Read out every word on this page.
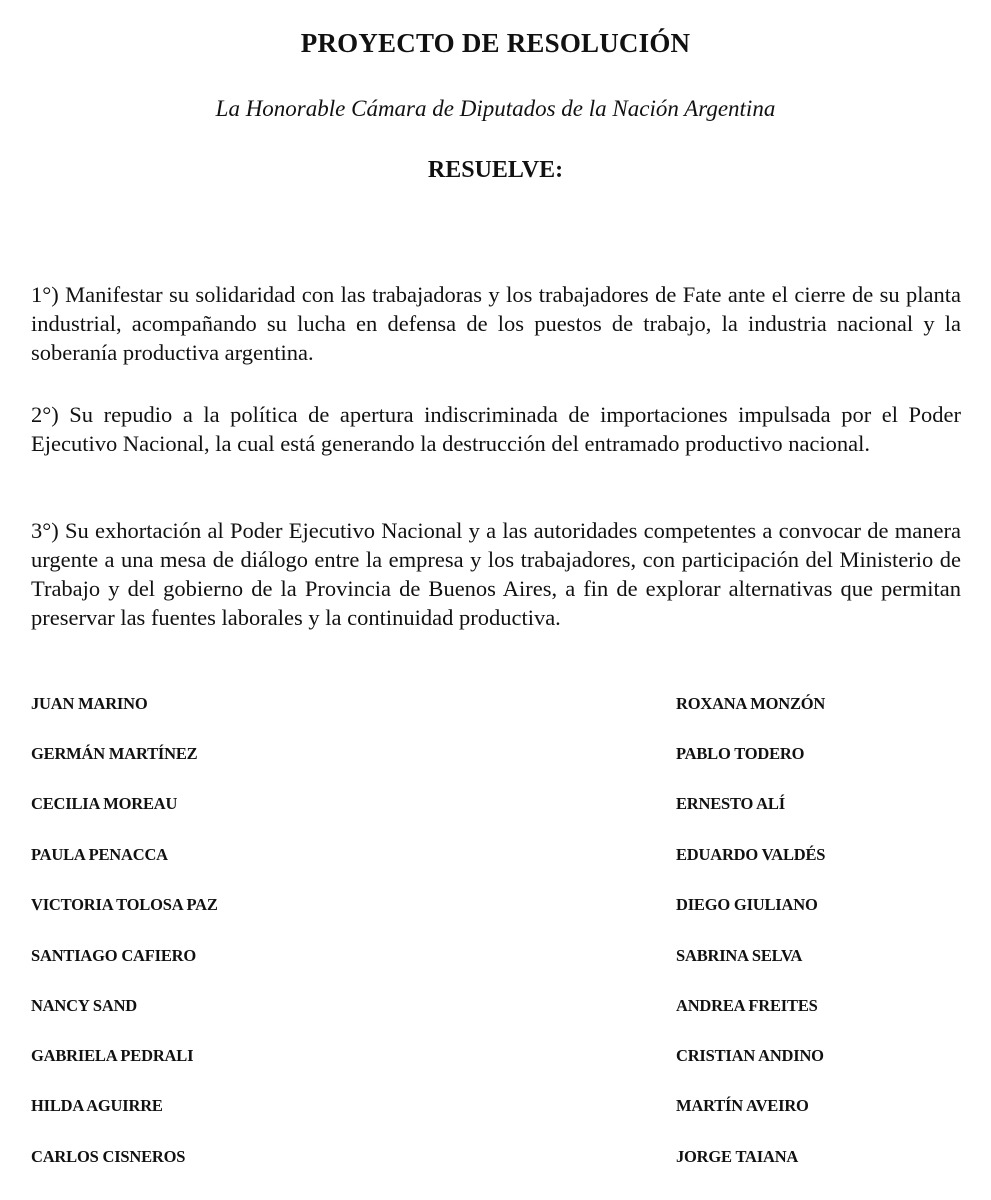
PROYECTO DE RESOLUCIÓN
La Honorable Cámara de Diputados de la Nación Argentina
RESUELVE:

1°) Manifestar su solidaridad con las trabajadoras y los trabajadores de Fate ante el cierre de su planta industrial, acompañando su lucha en defensa de los puestos de trabajo, la industria nacional y la soberanía productiva argentina.

2°) Su repudio a la política de apertura indiscriminada de importaciones impulsada por el Poder Ejecutivo Nacional, la cual está generando la destrucción del entramado productivo nacional.

3°) Su exhortación al Poder Ejecutivo Nacional y a las autoridades competentes a convocar de manera urgente a una mesa de diálogo entre la empresa y los trabajadores, con participación del Ministerio de Trabajo y del gobierno de la Provincia de Buenos Aires, a fin de explorar alternativas que permitan preservar las fuentes laborales y la continuidad productiva.

JUAN MARINO
GERMÁN MARTÍNEZ
CECILIA MOREAU
PAULA PENACCA
VICTORIA TOLOSA PAZ
SANTIAGO CAFIERO
NANCY SAND
GABRIELA PEDRALI
HILDA AGUIRRE
CARLOS CISNEROS
ROXANA MONZÓN
PABLO TODERO
ERNESTO ALÍ
EDUARDO VALDÉS
DIEGO GIULIANO
SABRINA SELVA
ANDREA FREITES
CRISTIAN ANDINO
MARTÍN AVEIRO
JORGE TAIANA
